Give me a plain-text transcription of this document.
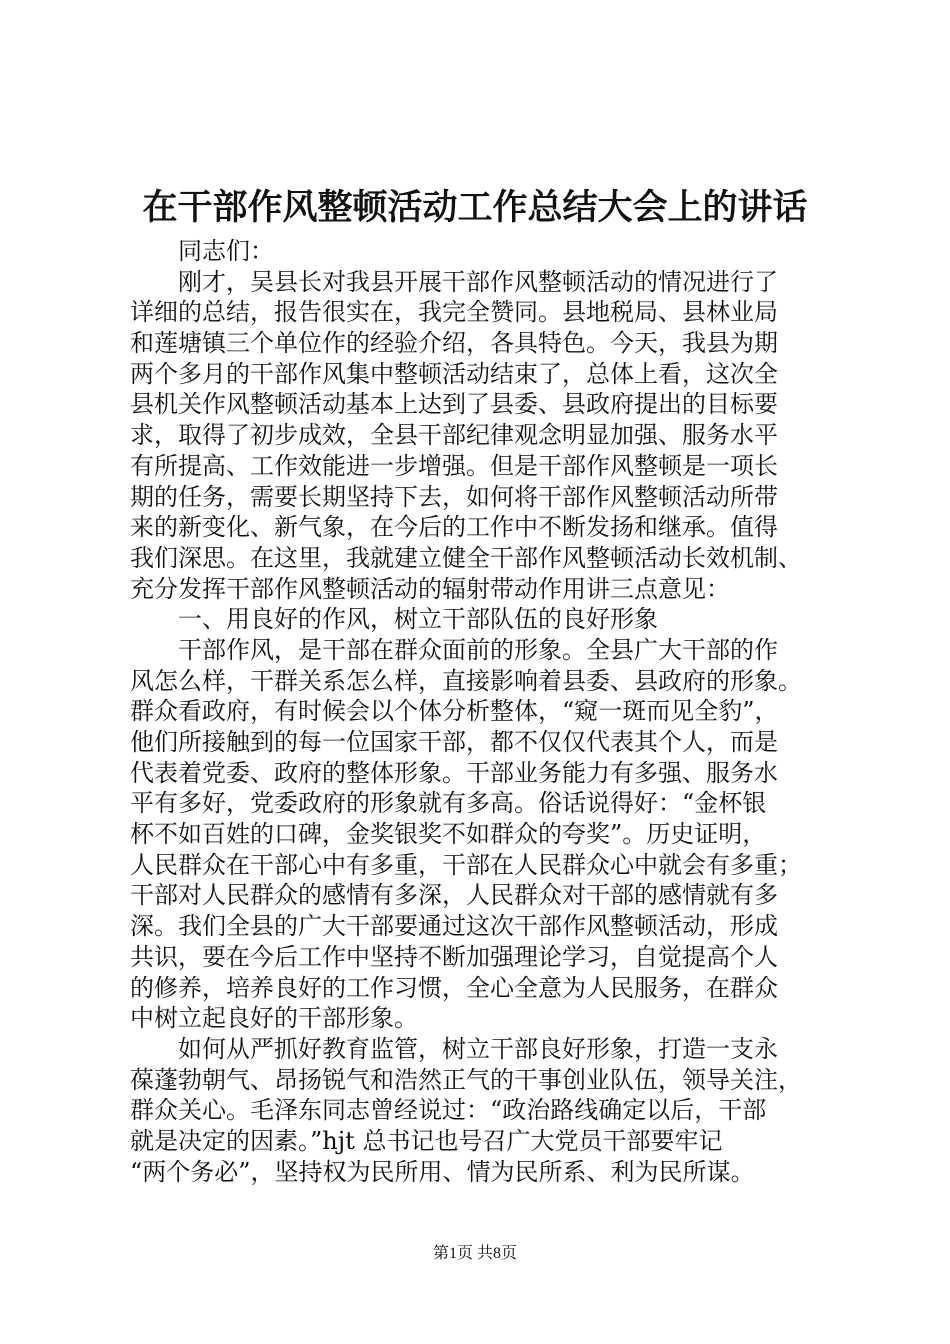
在干部作风整顿活动工作总结大会上的讲话
　　同志们：
　　刚才，吴县长对我县开展干部作风整顿活动的情况进行了
详细的总结，报告很实在，我完全赞同。县地税局、县林业局
和莲塘镇三个单位作的经验介绍，各具特色。今天，我县为期
两个多月的干部作风集中整顿活动结束了，总体上看，这次全
县机关作风整顿活动基本上达到了县委、县政府提出的目标要
求，取得了初步成效，全县干部纪律观念明显加强、服务水平
有所提高、工作效能进一步增强。但是干部作风整顿是一项长
期的任务，需要长期坚持下去，如何将干部作风整顿活动所带
来的新变化、新气象，在今后的工作中不断发扬和继承。值得
我们深思。在这里，我就建立健全干部作风整顿活动长效机制、
充分发挥干部作风整顿活动的辐射带动作用讲三点意见：
　　一、用良好的作风，树立干部队伍的良好形象
　　干部作风，是干部在群众面前的形象。全县广大干部的作
风怎么样，干群关系怎么样，直接影响着县委、县政府的形象。
群众看政府，有时候会以个体分析整体，“窥一斑而见全豹”，
他们所接触到的每一位国家干部，都不仅仅代表其个人，而是
代表着党委、政府的整体形象。干部业务能力有多强、服务水
平有多好，党委政府的形象就有多高。俗话说得好：“金杯银
杯不如百姓的口碑，金奖银奖不如群众的夸奖”。历史证明，
人民群众在干部心中有多重，干部在人民群众心中就会有多重；
干部对人民群众的感情有多深，人民群众对干部的感情就有多
深。我们全县的广大干部要通过这次干部作风整顿活动，形成
共识，要在今后工作中坚持不断加强理论学习，自觉提高个人
的修养，培养良好的工作习惯，全心全意为人民服务，在群众
中树立起良好的干部形象。
　　如何从严抓好教育监管，树立干部良好形象，打造一支永
葆蓬勃朝气、昂扬锐气和浩然正气的干事创业队伍，领导关注，
群众关心。毛泽东同志曾经说过：“政治路线确定以后，干部
就是决定的因素。”hjt 总书记也号召广大党员干部要牢记
“两个务必”，坚持权为民所用、情为民所系、利为民所谋。
第1页 共8页
